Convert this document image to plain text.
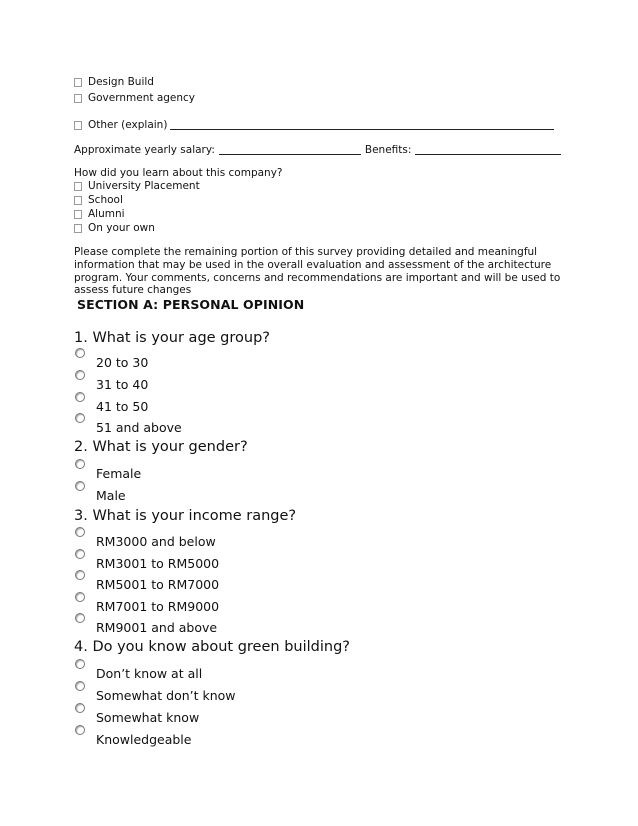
Design Build
Government agency
Other (explain)
Approximate yearly salary:	Benefits:
How did you learn about this company?
University Placement
School
Alumni
On your own
Please complete the remaining portion of this survey providing detailed and meaningful
information that may be used in the overall evaluation and assessment of the architecture
program. Your comments, concerns and recommendations are important and will be used to
assess future changes
SECTION A: PERSONAL OPINION
1. What is your age group?
20 to 30
31 to 40
41 to 50
51 and above
2. What is your gender?
Female
Male
3. What is your income range?
RM3000 and below
RM3001 to RM5000
RM5001 to RM7000
RM7001 to RM9000
RM9001 and above
4. Do you know about green building?
Don’t know at all
Somewhat don’t know
Somewhat know
Knowledgeable
